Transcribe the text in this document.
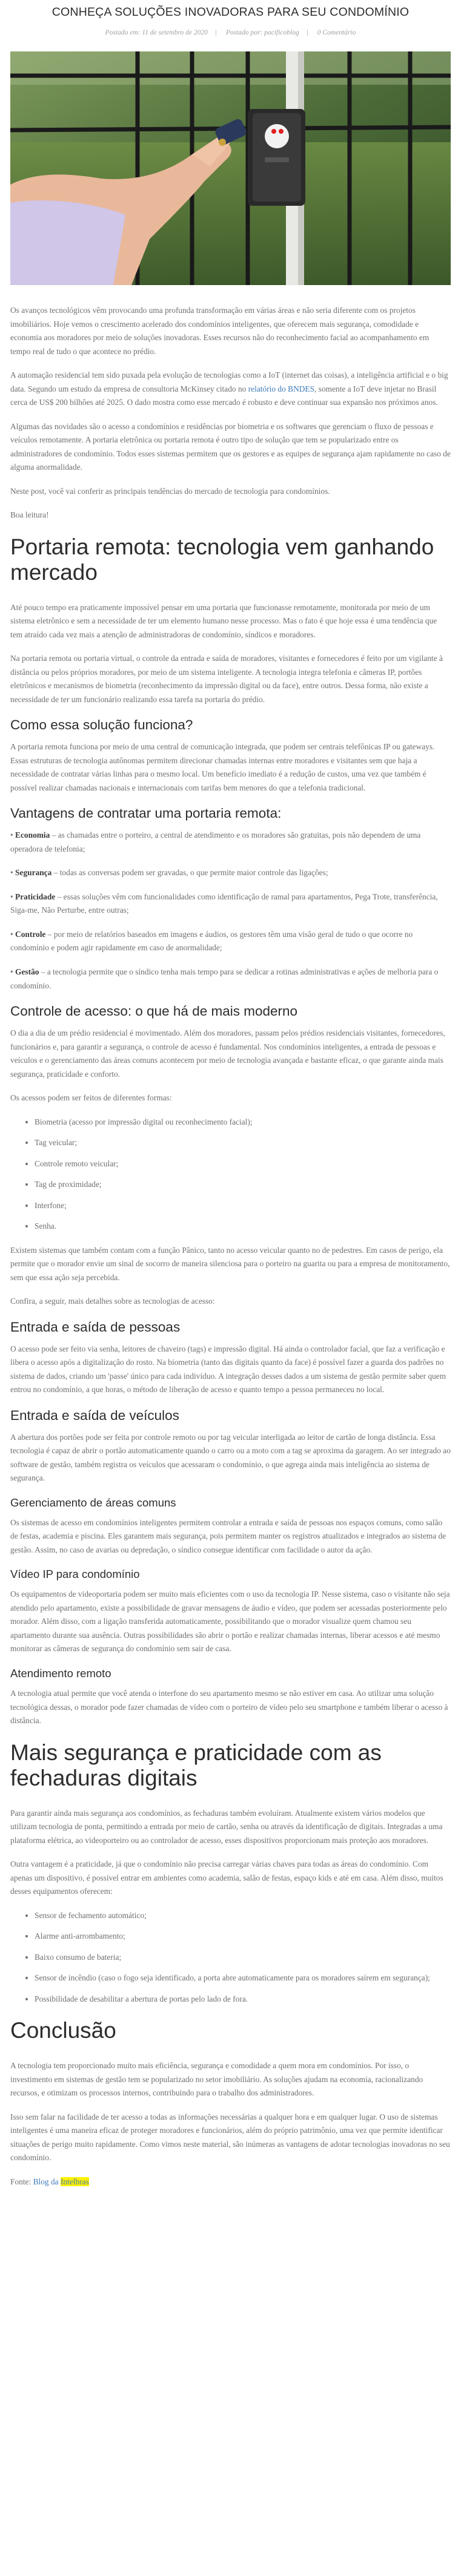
CONHEÇA SOLUÇÕES INOVADORAS PARA SEU CONDOMÍNIO
Postado em: 11 de setembro de 2020 | Postado por: pacificoblog | 0 Comentário

Os avanços tecnológicos vêm provocando uma profunda transformação em várias áreas e não seria diferente com os projetos imobiliários. Hoje vemos o crescimento acelerado dos condomínios inteligentes, que oferecem mais segurança, comodidade e economia aos moradores por meio de soluções inovadoras. Esses recursos não do reconhecimento facial ao acompanhamento em tempo real de tudo o que acontece no prédio.

A automação residencial tem sido puxada pela evolução de tecnologias como a IoT (internet das coisas), a inteligência artificial e o big data. Segundo um estudo da empresa de consultoria McKinsey citado no relatório do BNDES, somente a IoT deve injetar no Brasil cerca de US$ 200 bilhões até 2025. O dado mostra como esse mercado é robusto e deve continuar sua expansão nos próximos anos.

Algumas das novidades são o acesso a condomínios e residências por biometria e os softwares que gerenciam o fluxo de pessoas e veículos remotamente. A portaria eletrônica ou portaria remota é outro tipo de solução que tem se popularizado entre os administradores de condomínio. Todos esses sistemas permitem que os gestores e as equipes de segurança ajam rapidamente no caso de alguma anormalidade.

Neste post, você vai conferir as principais tendências do mercado de tecnologia para condomínios.

Boa leitura!

Portaria remota: tecnologia vem ganhando mercado

Até pouco tempo era praticamente impossível pensar em uma portaria que funcionasse remotamente, monitorada por meio de um sistema eletrônico e sem a necessidade de ter um elemento humano nesse processo. Mas o fato é que hoje essa é uma tendência que tem atraído cada vez mais a atenção de administradoras de condomínio, síndicos e moradores.

Na portaria remota ou portaria virtual, o controle da entrada e saída de moradores, visitantes e fornecedores é feito por um vigilante à distância ou pelos próprios moradores, por meio de um sistema inteligente. A tecnologia integra telefonia e câmeras IP, portões eletrônicos e mecanismos de biometria (reconhecimento da impressão digital ou da face), entre outros. Dessa forma, não existe a necessidade de ter um funcionário realizando essa tarefa na portaria do prédio.

Como essa solução funciona?

A portaria remota funciona por meio de uma central de comunicação integrada, que podem ser centrais telefônicas IP ou gateways. Essas estruturas de tecnologia autônomas permitem direcionar chamadas internas entre moradores e visitantes sem que haja a necessidade de contratar várias linhas para o mesmo local. Um benefício imediato é a redução de custos, uma vez que também é possível realizar chamadas nacionais e internacionais com tarifas bem menores do que a telefonia tradicional.

Vantagens de contratar uma portaria remota:

• Economia – as chamadas entre o porteiro, a central de atendimento e os moradores são gratuitas, pois não dependem de uma operadora de telefonia;

• Segurança – todas as conversas podem ser gravadas, o que permite maior controle das ligações;

• Praticidade – essas soluções vêm com funcionalidades como identificação de ramal para apartamentos, Pega Trote, transferência, Siga-me, Não Perturbe, entre outras;

• Controle – por meio de relatórios baseados em imagens e áudios, os gestores têm uma visão geral de tudo o que ocorre no condomínio e podem agir rapidamente em caso de anormalidade;

• Gestão – a tecnologia permite que o síndico tenha mais tempo para se dedicar a rotinas administrativas e ações de melhoria para o condomínio.

Controle de acesso: o que há de mais moderno

O dia a dia de um prédio residencial é movimentado. Além dos moradores, passam pelos prédios residenciais visitantes, fornecedores, funcionários e, para garantir a segurança, o controle de acesso é fundamental. Nos condomínios inteligentes, a entrada de pessoas e veículos e o gerenciamento das áreas comuns acontecem por meio de tecnologia avançada e bastante eficaz, o que garante ainda mais segurança, praticidade e conforto.

Os acessos podem ser feitos de diferentes formas:

• Biometria (acesso por impressão digital ou reconhecimento facial);
• Tag veicular;
• Controle remoto veicular;
• Tag de proximidade;
• Interfone;
• Senha.

Existem sistemas que também contam com a função Pânico, tanto no acesso veicular quanto no de pedestres. Em casos de perigo, ela permite que o morador envie um sinal de socorro de maneira silenciosa para o porteiro na guarita ou para a empresa de monitoramento, sem que essa ação seja percebida.

Confira, a seguir, mais detalhes sobre as tecnologias de acesso:

Entrada e saída de pessoas

O acesso pode ser feito via senha, leitores de chaveiro (tags) e impressão digital. Há ainda o controlador facial, que faz a verificação e libera o acesso após a digitalização do rosto. Na biometria (tanto das digitais quanto da face) é possível fazer a guarda dos padrões no sistema de dados, criando um 'passe' único para cada indivíduo. A integração desses dados a um sistema de gestão permite saber quem entrou no condomínio, a que horas, o método de liberação de acesso e quanto tempo a pessoa permaneceu no local.

Entrada e saída de veículos

A abertura dos portões pode ser feita por controle remoto ou por tag veicular interligada ao leitor de cartão de longa distância. Essa tecnologia é capaz de abrir o portão automaticamente quando o carro ou a moto com a tag se aproxima da garagem. Ao ser integrado ao software de gestão, também registra os veículos que acessaram o condomínio, o que agrega ainda mais inteligência ao sistema de segurança.

Gerenciamento de áreas comuns

Os sistemas de acesso em condomínios inteligentes permitem controlar a entrada e saída de pessoas nos espaços comuns, como salão de festas, academia e piscina. Eles garantem mais segurança, pois permitem manter os registros atualizados e integrados ao sistema de gestão. Assim, no caso de avarias ou depredação, o síndico consegue identificar com facilidade o autor da ação.

Vídeo IP para condomínio

Os equipamentos de videoportaria podem ser muito mais eficientes com o uso da tecnologia IP. Nesse sistema, caso o visitante não seja atendido pelo apartamento, existe a possibilidade de gravar mensagens de áudio e vídeo, que podem ser acessadas posteriormente pelo morador. Além disso, com a ligação transferida automaticamente, possibilitando que o morador visualize quem chamou seu apartamento durante sua ausência. Outras possibilidades são abrir o portão e realizar chamadas internas, liberar acessos e até mesmo monitorar as câmeras de segurança do condomínio sem sair de casa.

Atendimento remoto

A tecnologia atual permite que você atenda o interfone do seu apartamento mesmo se não estiver em casa. Ao utilizar uma solução tecnológica dessas, o morador pode fazer chamadas de vídeo com o porteiro de vídeo pelo seu smartphone e também liberar o acesso à distância.

Mais segurança e praticidade com as fechaduras digitais

Para garantir ainda mais segurança aos condomínios, as fechaduras também evoluíram. Atualmente existem vários modelos que utilizam tecnologia de ponta, permitindo a entrada por meio de cartão, senha ou através da identificação de digitais. Integradas a uma plataforma elétrica, ao videoporteiro ou ao controlador de acesso, esses dispositivos proporcionam mais proteção aos moradores.

Outra vantagem é a praticidade, já que o condomínio não precisa carregar várias chaves para todas as áreas do condomínio. Com apenas um dispositivo, é possível entrar em ambientes como academia, salão de festas, espaço kids e até em casa. Além disso, muitos desses equipamentos oferecem:

• Sensor de fechamento automático;
• Alarme anti-arrombamento;
• Baixo consumo de bateria;
• Sensor de incêndio (caso o fogo seja identificado, a porta abre automaticamente para os moradores saírem em segurança);
• Possibilidade de desabilitar a abertura de portas pelo lado de fora.
Conclusão

A tecnologia tem proporcionado muito mais eficiência, segurança e comodidade a quem mora em condomínios. Por isso, o investimento em sistemas de gestão tem se popularizado no setor imobiliário. As soluções ajudam na economia, racionalizando recursos, e otimizam os processos internos, contribuindo para o trabalho dos administradores.

Isso sem falar na facilidade de ter acesso a todas as informações necessárias a qualquer hora e em qualquer lugar. O uso de sistemas inteligentes é uma maneira eficaz de proteger moradores e funcionários, além do próprio patrimônio, uma vez que permite identificar situações de perigo muito rapidamente. Como vimos neste material, são inúmeras as vantagens de adotar tecnologias inovadoras no seu condomínio.

Fonte: Blog da Intelbras
